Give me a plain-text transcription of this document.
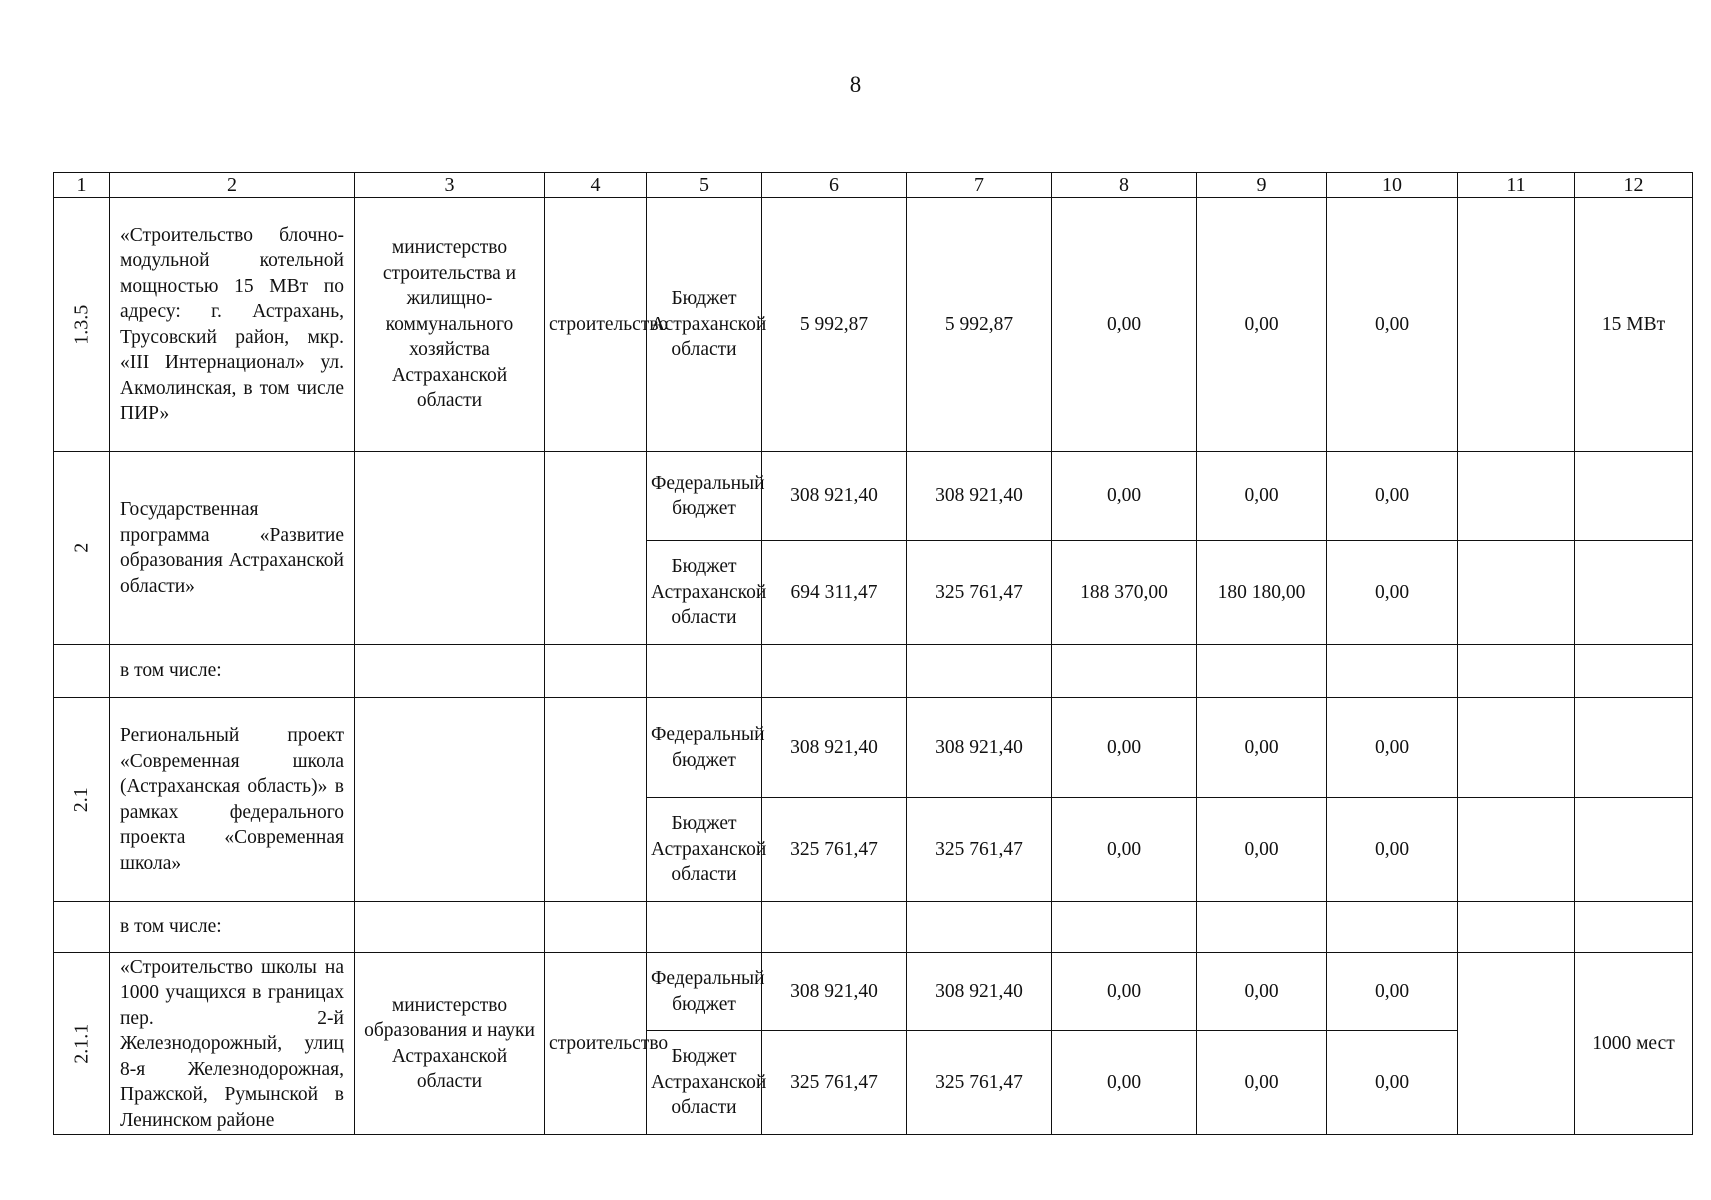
8
1	2	3	4	5	6	7	8	9	10	11	12
1.3.5	«Строительство блочно-модульной котельной мощностью 15 МВт по адресу: г. Астрахань, Трусовский район, мкр. «III Интернационал» ул. Акмолинская, в том числе ПИР»	министерство строительства и жилищно-коммунального хозяйства Астраханской области	строительство	Бюджет Астраханской области	5 992,87	5 992,87	0,00	0,00	0,00		15 МВт
2	Государственная программа «Развитие образования Астраханской области»			Федеральный бюджет	308 921,40	308 921,40	0,00	0,00	0,00		
				Бюджет Астраханской области	694 311,47	325 761,47	188 370,00	180 180,00	0,00		
	в том числе:										
2.1	Региональный проект «Современная школа (Астраханская область)» в рамках федерального проекта «Современная школа»			Федеральный бюджет	308 921,40	308 921,40	0,00	0,00	0,00		
				Бюджет Астраханской области	325 761,47	325 761,47	0,00	0,00	0,00		
	в том числе:										
2.1.1	«Строительство школы на 1000 учащихся в границах пер. 2-й Железнодорожный, улиц 8-я Железнодорожная, Пражской, Румынской в Ленинском районе	министерство образования и науки Астраханской области	строительство	Федеральный бюджет	308 921,40	308 921,40	0,00	0,00	0,00		1000 мест
				Бюджет Астраханской области	325 761,47	325 761,47	0,00	0,00	0,00		
